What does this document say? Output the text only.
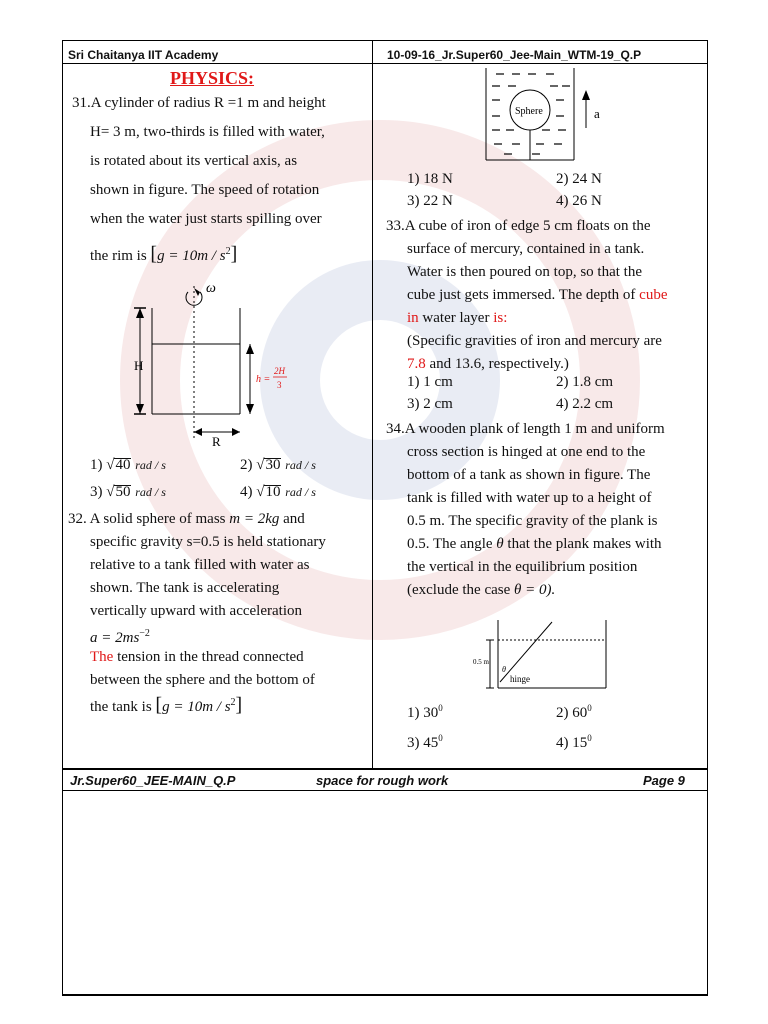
Sri Chaitanya IIT Academy	10-09-16_Jr.Super60_Jee-Main_WTM-19_Q.P
PHYSICS:
31.A cylinder of radius R =1 m and height
H= 3 m, two-thirds is filled with water,
is rotated about its vertical axis, as
shown in figure. The speed of rotation
when the water just starts spilling over
the rim is $[g = 10m / s^2]$
H
ω
h =
2H
3
R
1) √40 rad / s	2) √30 rad / s
3) √50 rad / s	4) √10 rad / s
32. A solid sphere of mass m = 2kg and
specific gravity s=0.5 is held stationary
relative to a tank filled with water as
shown. The tank is accelerating
vertically upward with acceleration
$a = 2ms^{-2}$
The tension in the thread connected
between the sphere and the bottom of
the tank is $[g = 10m / s^2]$
Sphere	a
1) 18 N	2) 24 N
3) 22 N	4) 26 N
33.A cube of iron of edge 5 cm floats on the
surface of mercury, contained in a tank.
Water is then poured on top, so that the
cube just gets immersed. The depth of cube
in water layer is:
(Specific gravities of iron and mercury are
7.8 and 13.6, respectively.)
1) 1 cm	2) 1.8 cm
3) 2 cm	4) 2.2 cm
34.A wooden plank of length 1 m and uniform
cross section is hinged at one end to the
bottom of a tank as shown in figure. The
tank is filled with water up to a height of
0.5 m. The specific gravity of the plank is
0.5. The angle θ that the plank makes with
the vertical in the equilibrium position
(exclude the case θ = 0).
0.5 m
θ
hinge
1) $30^0$	2) $60^0$
3) $45^0$	4) $15^0$
Jr.Super60_JEE-MAIN_Q.P	space for rough work	Page 9
